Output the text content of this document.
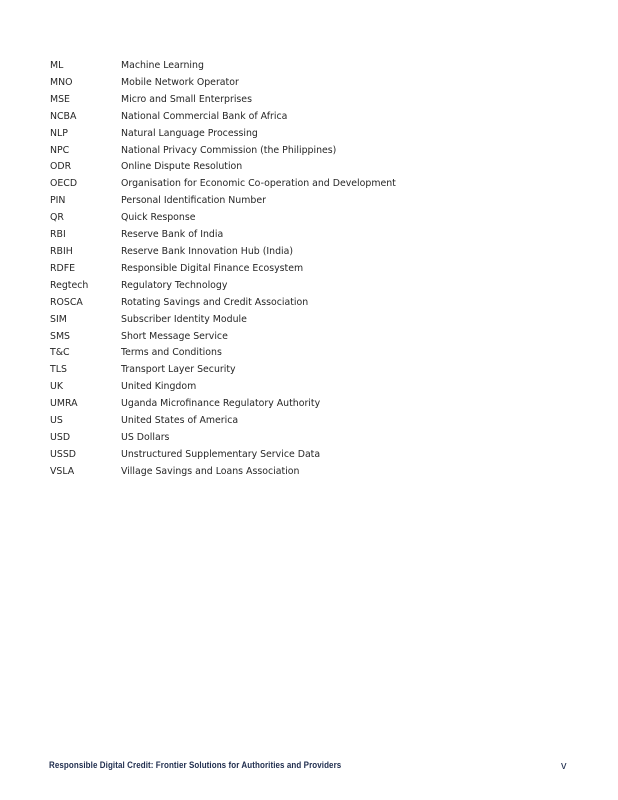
ML	Machine Learning
MNO	Mobile Network Operator
MSE	Micro and Small Enterprises
NCBA	National Commercial Bank of Africa
NLP	Natural Language Processing
NPC	National Privacy Commission (the Philippines)
ODR	Online Dispute Resolution
OECD	Organisation for Economic Co-operation and Development
PIN	Personal Identification Number
QR	Quick Response
RBI	Reserve Bank of India
RBIH	Reserve Bank Innovation Hub (India)
RDFE	Responsible Digital Finance Ecosystem
Regtech	Regulatory Technology
ROSCA	Rotating Savings and Credit Association
SIM	Subscriber Identity Module
SMS	Short Message Service
T&C	Terms and Conditions
TLS	Transport Layer Security
UK	United Kingdom
UMRA	Uganda Microfinance Regulatory Authority
US	United States of America
USD	US Dollars
USSD	Unstructured Supplementary Service Data
VSLA	Village Savings and Loans Association
Responsible Digital Credit: Frontier Solutions for Authorities and Providers	v
